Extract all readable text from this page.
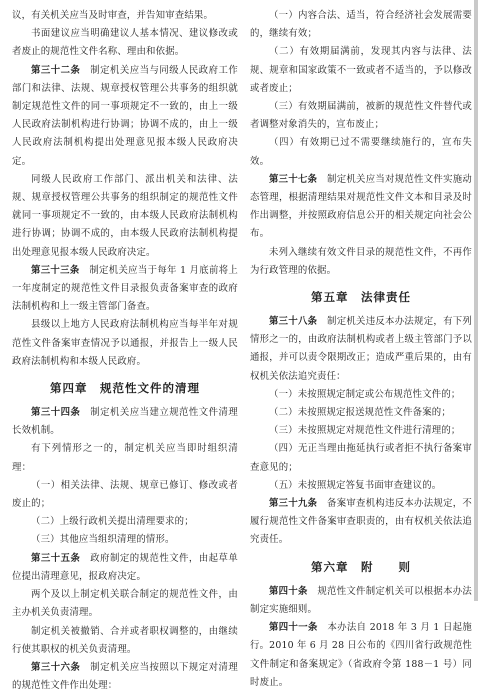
议，有关机关应当及时审查，并告知审查结果。

书面建议应当明确建议人基本情况、建议修改或者废止的规范性文件名称、理由和依据。

第三十二条　 制定机关应当与同级人民政府工作部门和法律、法规、规章授权管理公共事务的组织就制定规范性文件的同一事项规定不一致的，由上一级人民政府法制机构进行协调；协调不成的，由上一级人民政府法制机构提出处理意见报本级人民政府决定。

同级人民政府工作部门、派出机关和法律、法规、规章授权管理公共事务的组织制定的规范性文件就同一事项规定不一致的，由本级人民政府法制机构进行协调；协调不成的，由本级人民政府法制机构提出处理意见报本级人民政府决定。

第三十三条　 制定机关应当于每年 1 月底前将上一年度制定的规范性文件目录报负责备案审查的政府法制机构和上一级主管部门备查。

县级以上地方人民政府法制机构应当每半年对规范性文件备案审查情况予以通报，并报告上一级人民政府法制机构和本级人民政府。

第四章　规范性文件的清理

第三十四条　 制定机关应当建立规范性文件清理长效机制。

有下列情形之一的，制定机关应当即时组织清理：

（一）相关法律、法规、规章已修订、修改或者废止的；

（二）上级行政机关提出清理要求的；

（三）其他应当组织清理的情形。

第三十五条　 政府制定的规范性文件，由起草单位提出清理意见，报政府决定。

两个及以上制定机关联合制定的规范性文件，由主办机关负责清理。

制定机关被撤销、合并或者职权调整的，由继续行使其职权的机关负责清理。

第三十六条　 制定机关应当按照以下规定对清理的规范性文件作出处理：

（一）内容合法、适当，符合经济社会发展需要的，继续有效；

（二）有效期届满前，发现其内容与法律、法规、规章和国家政策不一致或者不适当的，予以修改或者废止；

（三）有效期届满前，被新的规范性文件替代或者调整对象消失的，宣布废止；

（四）有效期已过不需要继续施行的，宣布失效。

第三十七条　 制定机关应当对规范性文件实施动态管理，根据清理结果对规范性文件文本和目录及时作出调整，并按照政府信息公开的相关规定向社会公布。

未列入继续有效文件目录的规范性文件，不再作为行政管理的依据。

第五章　法律责任

第三十八条　 制定机关违反本办法规定，有下列情形之一的，由政府法制机构或者上级主管部门予以通报，并可以责令限期改正；造成严重后果的，由有权机关依法追究责任：

（一）未按照规定制定或公布规范性文件的；

（二）未按照规定报送规范性文件备案的；

（三）未按照规定对规范性文件进行清理的；

（四）无正当理由拖延执行或者拒不执行备案审查意见的；

（五）未按照规定答复书面审查建议的。

第三十九条　 备案审查机构违反本办法规定，不履行规范性文件备案审查职责的，由有权机关依法追究责任。

第六章　附　　则

第四十条　 规范性文件制定机关可以根据本办法制定实施细则。

第四十一条　 本办法自 2018 年 3 月 1 日起施行。2010 年 6 月 28 日公布的《四川省行政规范性文件制定和备案规定》（省政府令第 188－1 号）同时废止。
